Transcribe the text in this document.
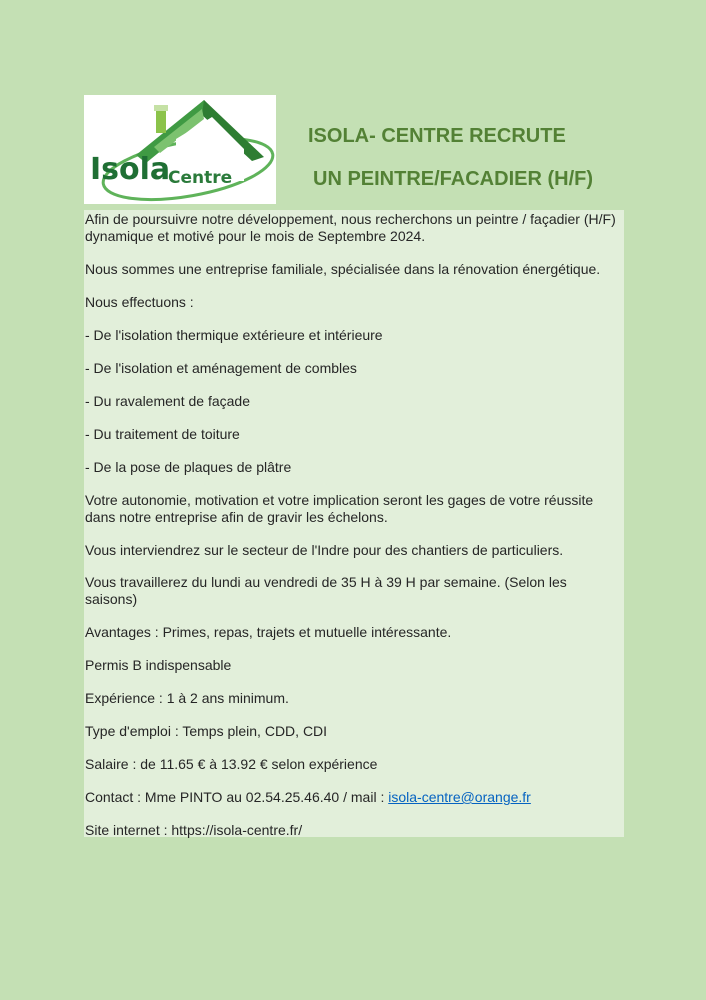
Isola
Centre
ISOLA- CENTRE RECRUTE
UN PEINTRE/FACADIER (H/F)

Afin de poursuivre notre développement, nous recherchons un peintre / façadier (H/F) dynamique et motivé pour le mois de Septembre 2024.

Nous sommes une entreprise familiale, spécialisée dans la rénovation énergétique.

Nous effectuons :

- De l'isolation thermique extérieure et intérieure

- De l'isolation et aménagement de combles

- Du ravalement de façade

- Du traitement de toiture

- De la pose de plaques de plâtre

Votre autonomie, motivation et votre implication seront les gages de votre réussite dans notre entreprise afin de gravir les échelons.

Vous interviendrez sur le secteur de l'Indre pour des chantiers de particuliers.

Vous travaillerez du lundi au vendredi de 35 H à 39 H par semaine. (Selon les saisons)

Avantages : Primes, repas, trajets et mutuelle intéressante.

Permis B indispensable

Expérience : 1 à 2 ans minimum.

Type d'emploi : Temps plein, CDD, CDI

Salaire : de 11.65 € à 13.92 € selon expérience

Contact : Mme PINTO au 02.54.25.46.40 / mail : isola-centre@orange.fr

Site internet : https://isola-centre.fr/
